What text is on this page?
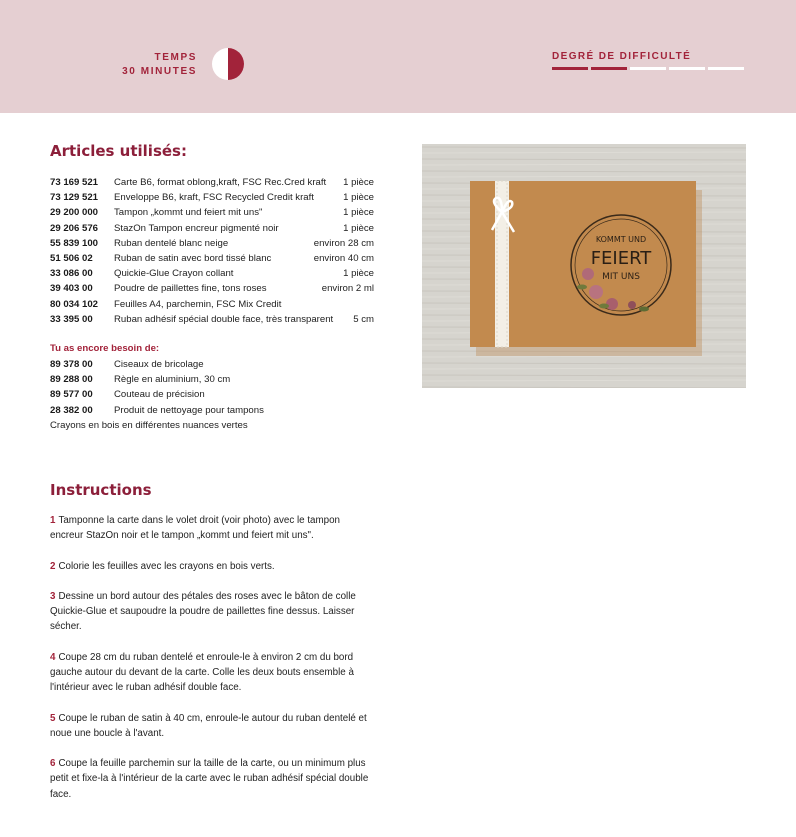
TEMPS
30 MINUTES
DEGRÉ DE DIFFICULTÉ
Articles utilisés:
73 169 521 Carte B6, format oblong,kraft, FSC Rec.Cred kraft 1 pièce
73 129 521 Enveloppe B6, kraft, FSC Recycled Credit kraft	1 pièce
29 200 000 Tampon „kommt und feiert mit uns"	1 pièce
29 206 576 StazOn Tampon encreur pigmenté noir	1 pièce
55 839 100 Ruban dentelé blanc neige	environ 28 cm
51 506 02 Ruban de satin avec bord tissé blanc	environ 40 cm
33 086 00 Quickie-Glue Crayon collant	1 pièce
39 403 00 Poudre de paillettes fine, tons roses	environ 2 ml
80 034 102 Feuilles A4, parchemin, FSC Mix Credit
33 395 00 Ruban adhésif spécial double face, très transparent 5 cm
Tu as encore besoin de:
89 378 00 Ciseaux de bricolage
89 288 00 Règle en aluminium, 30 cm
89 577 00 Couteau de précision
28 382 00 Produit de nettoyage pour tampons
Crayons en bois en différentes nuances vertes
KOMMT UND
FEIERT
MIT UNS
Instructions

1 Tamponne la carte dans le volet droit (voir photo) avec le tampon encreur StazOn noir et le tampon „kommt und feiert mit uns".

2 Colorie les feuilles avec les crayons en bois verts.

3 Dessine un bord autour des pétales des roses avec le bâton de colle Quickie-Glue et saupoudre la poudre de paillettes fine dessus. Laisser sécher.

4 Coupe 28 cm du ruban dentelé et enroule-le à environ 2 cm du bord gauche autour du devant de la carte. Colle les deux bouts ensemble à l'intérieur avec le ruban adhésif double face.

5 Coupe le ruban de satin à 40 cm, enroule-le autour du ruban dentelé et noue une boucle à l'avant.

6 Coupe la feuille parchemin sur la taille de la carte, ou un minimum plus petit et fixe-la à l'intérieur de la carte avec le ruban adhésif spécial double face.
